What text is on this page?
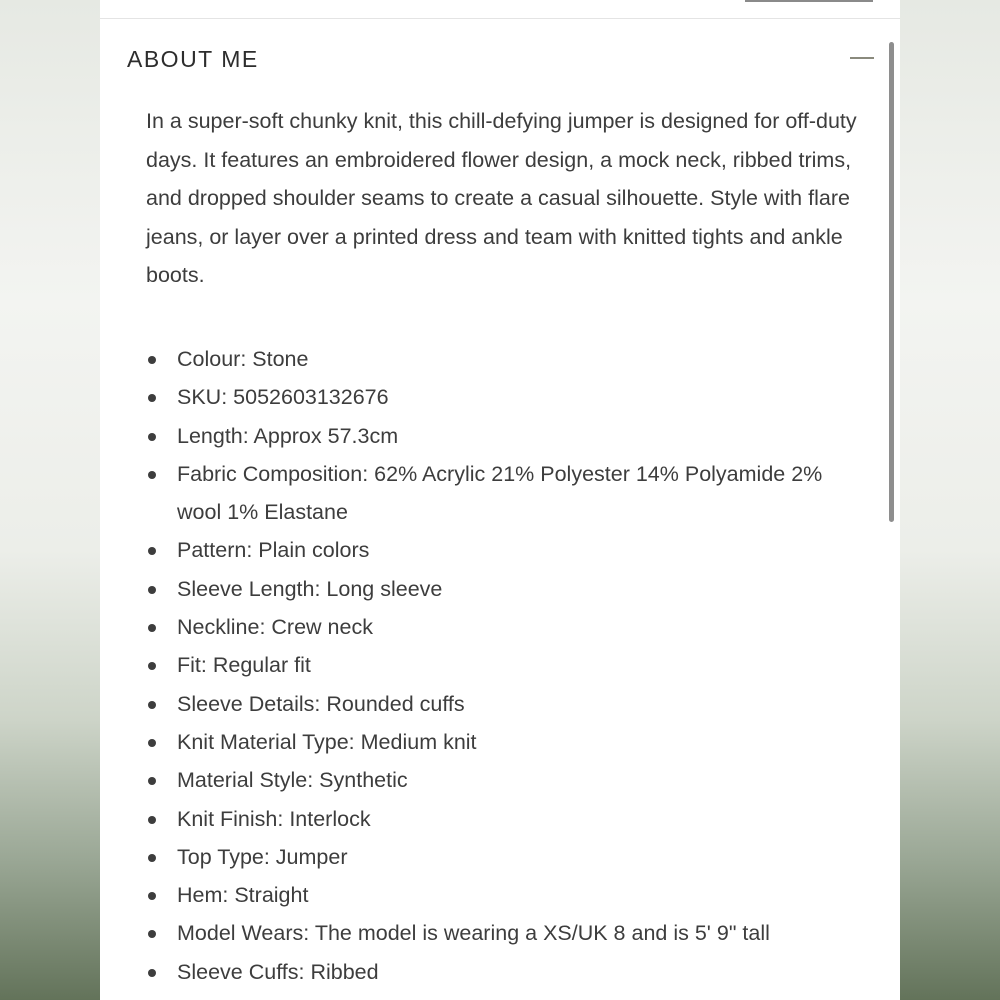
ABOUT ME

In a super-soft chunky knit, this chill-defying jumper is designed for off-duty days. It features an embroidered flower design, a mock neck, ribbed trims, and dropped shoulder seams to create a casual silhouette. Style with flare jeans, or layer over a printed dress and team with knitted tights and ankle boots.

Colour: Stone
SKU: 5052603132676
Length: Approx 57.3cm
Fabric Composition: 62% Acrylic 21% Polyester 14% Polyamide 2% wool 1% Elastane
Pattern: Plain colors
Sleeve Length: Long sleeve
Neckline: Crew neck
Fit: Regular fit
Sleeve Details: Rounded cuffs
Knit Material Type: Medium knit
Material Style: Synthetic
Knit Finish: Interlock
Top Type: Jumper
Hem: Straight
Model Wears: The model is wearing a XS/UK 8 and is 5' 9" tall
Sleeve Cuffs: Ribbed
